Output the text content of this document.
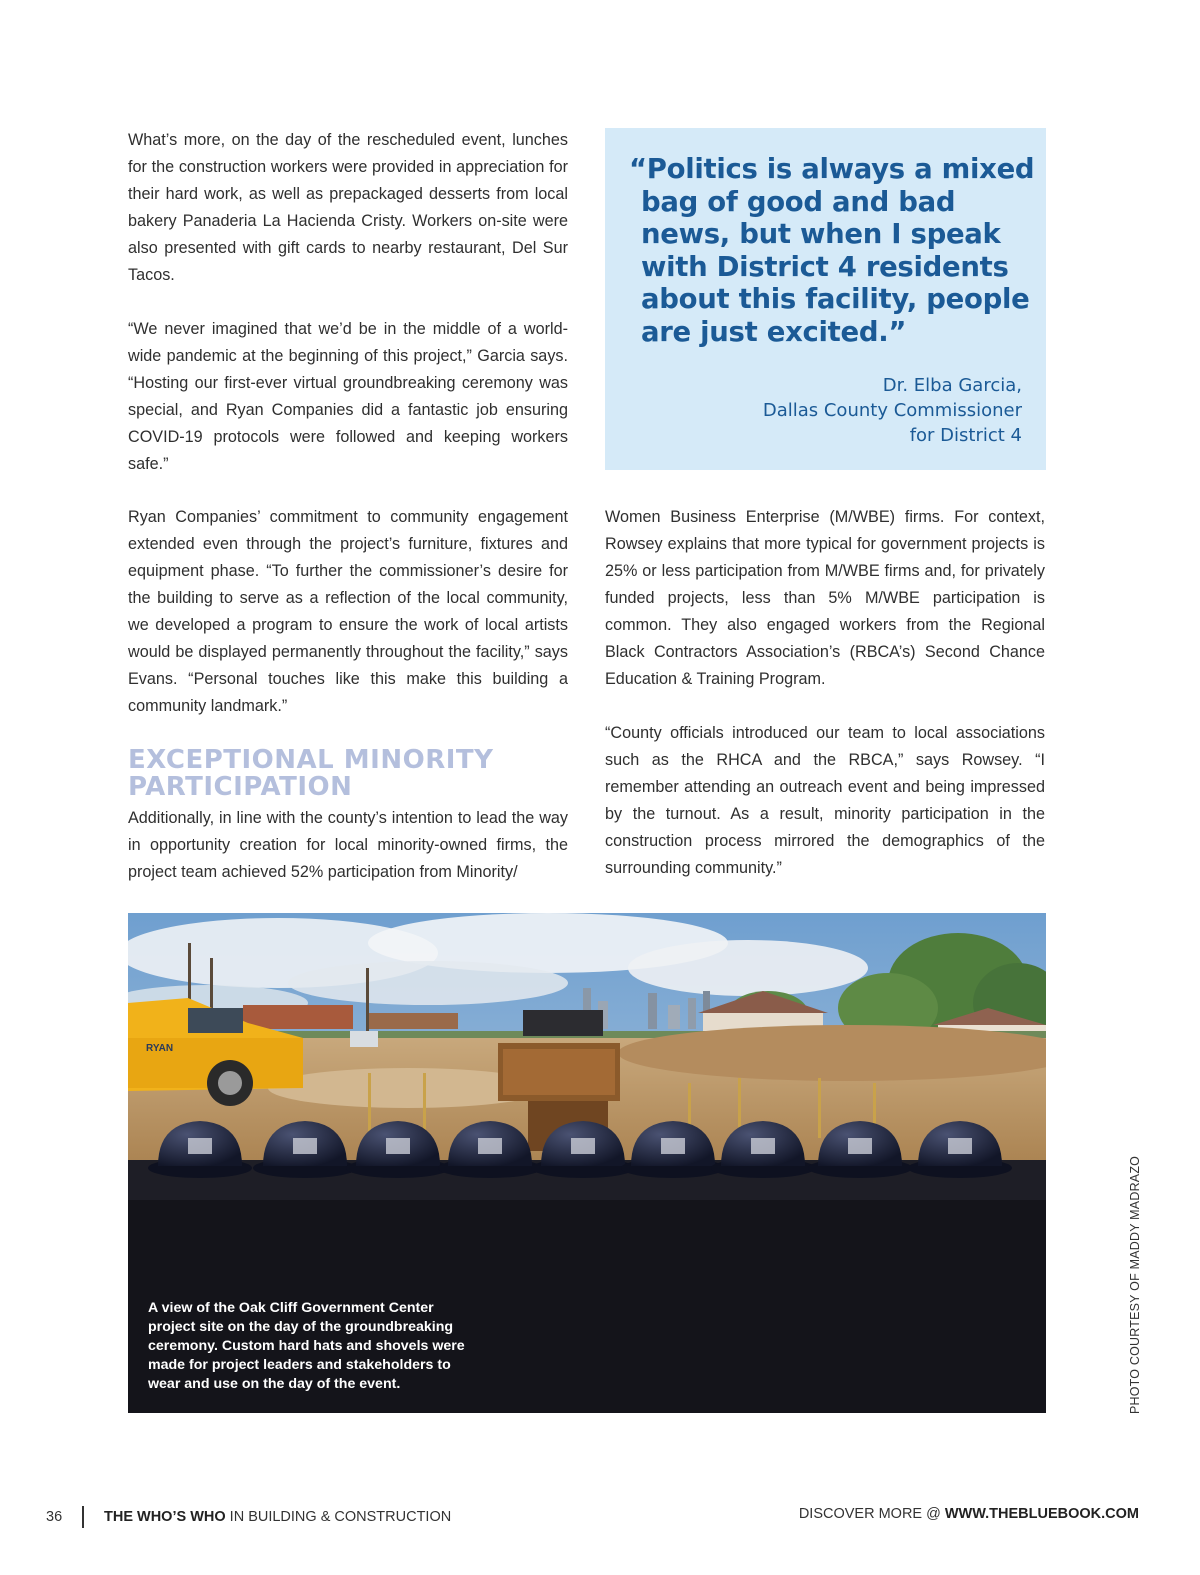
What’s more, on the day of the rescheduled event, lunches for the construction workers were provided in appreciation for their hard work, as well as prepackaged desserts from local bakery Panaderia La Hacienda Cristy. Workers on-site were also presented with gift cards to nearby restaurant, Del Sur Tacos.

“We never imagined that we’d be in the middle of a world-wide pandemic at the beginning of this project,” Garcia says. “Hosting our first-ever virtual groundbreaking ceremony was special, and Ryan Companies did a fantastic job ensuring COVID-19 protocols were followed and keeping workers safe.”

“Politics is always a mixed bag of good and bad news, but when I speak with District 4 residents about this facility, people are just excited.”
Dr. Elba Garcia,
Dallas County Commissioner
for District 4

Ryan Companies’ commitment to community engagement extended even through the project’s furniture, fixtures and equipment phase. “To further the commissioner’s desire for the building to serve as a reflection of the local community, we developed a program to ensure the work of local artists would be displayed permanently throughout the facility,” says Evans. “Personal touches like this make this building a community landmark.”

EXCEPTIONAL MINORITY
PARTICIPATION

Additionally, in line with the county’s intention to lead the way in opportunity creation for local minority-owned firms, the project team achieved 52% participation from Minority/

Women Business Enterprise (M/WBE) firms. For context, Rowsey explains that more typical for government projects is 25% or less participation from M/WBE firms and, for privately funded projects, less than 5% M/WBE participation is common. They also engaged workers from the Regional Black Contractors Association’s (RBCA’s) Second Chance Education & Training Program.

“County officials introduced our team to local associations such as the RHCA and the RBCA,” says Rowsey. “I remember attending an outreach event and being impressed by the turnout. As a result, minority participation in the construction process mirrored the demographics of the surrounding community.”

RYAN
A view of the Oak Cliff Government Center project site on the day of the groundbreaking ceremony. Custom hard hats and shovels were made for project leaders and stakeholders to wear and use on the day of the event.	PHOTO COURTESY OF MADDY MADRAZO
36	THE WHO’S WHO IN BUILDING & CONSTRUCTION	DISCOVER MORE @ WWW.THEBLUEBOOK.COM
